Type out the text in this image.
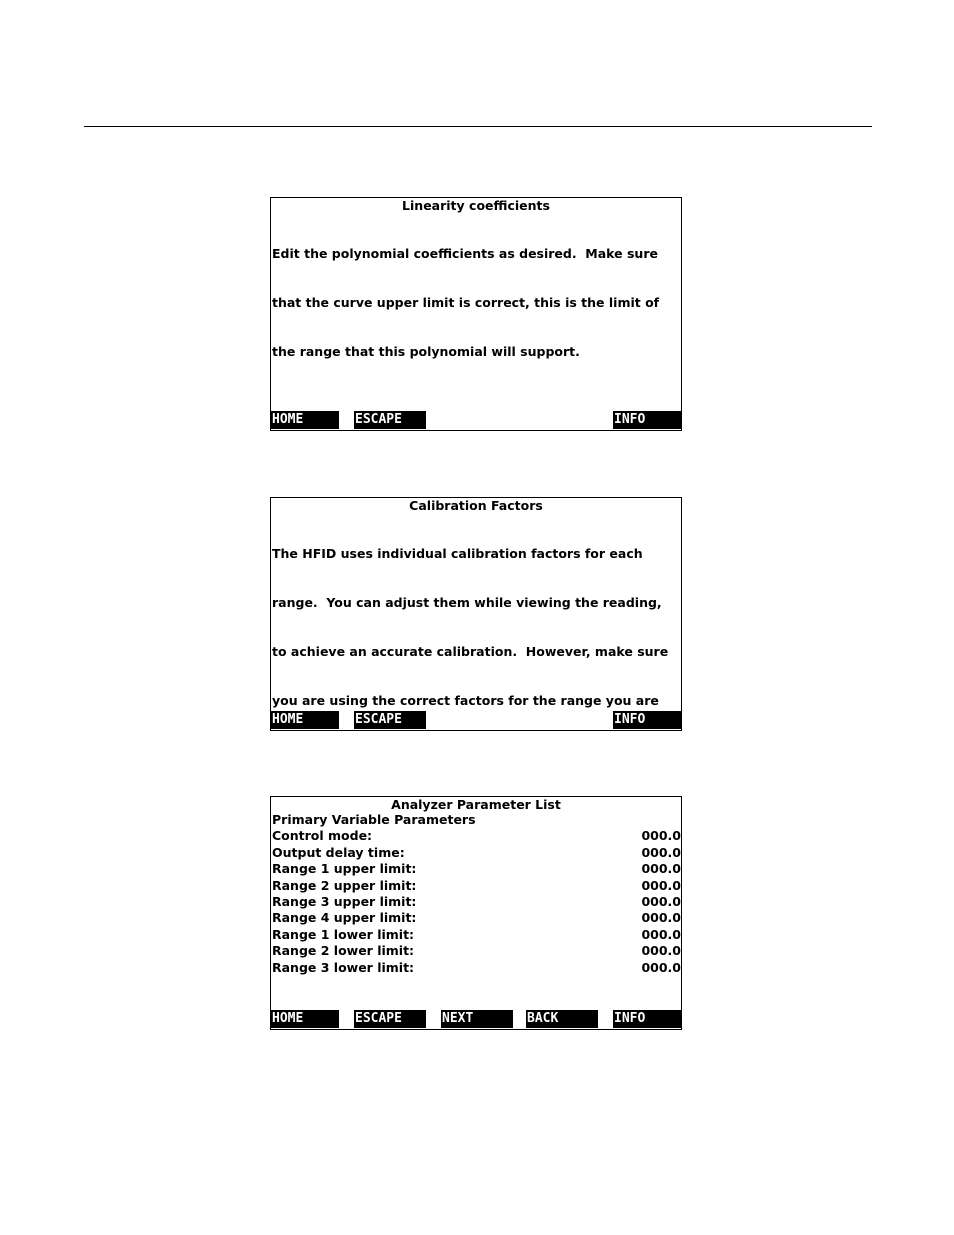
Linearity coefficients

Edit the polynomial coefficients as desired.  Make sure

that the curve upper limit is correct, this is the limit of

the range that this polynomial will support.

HOME	ESCAPE	INFO
Calibration Factors

The HFID uses individual calibration factors for each

range.  You can adjust them while viewing the reading,

to achieve an accurate calibration.  However, make sure

you are using the correct factors for the range you are

HOME	ESCAPE	INFO
Analyzer Parameter List
Primary Variable Parameters
Control mode:	000.0
Output delay time:	000.0
Range 1 upper limit:	000.0
Range 2 upper limit:	000.0
Range 3 upper limit:	000.0
Range 4 upper limit:	000.0
Range 1 lower limit:	000.0
Range 2 lower limit:	000.0
Range 3 lower limit:	000.0
HOME	ESCAPE	NEXT	BACK	INFO
